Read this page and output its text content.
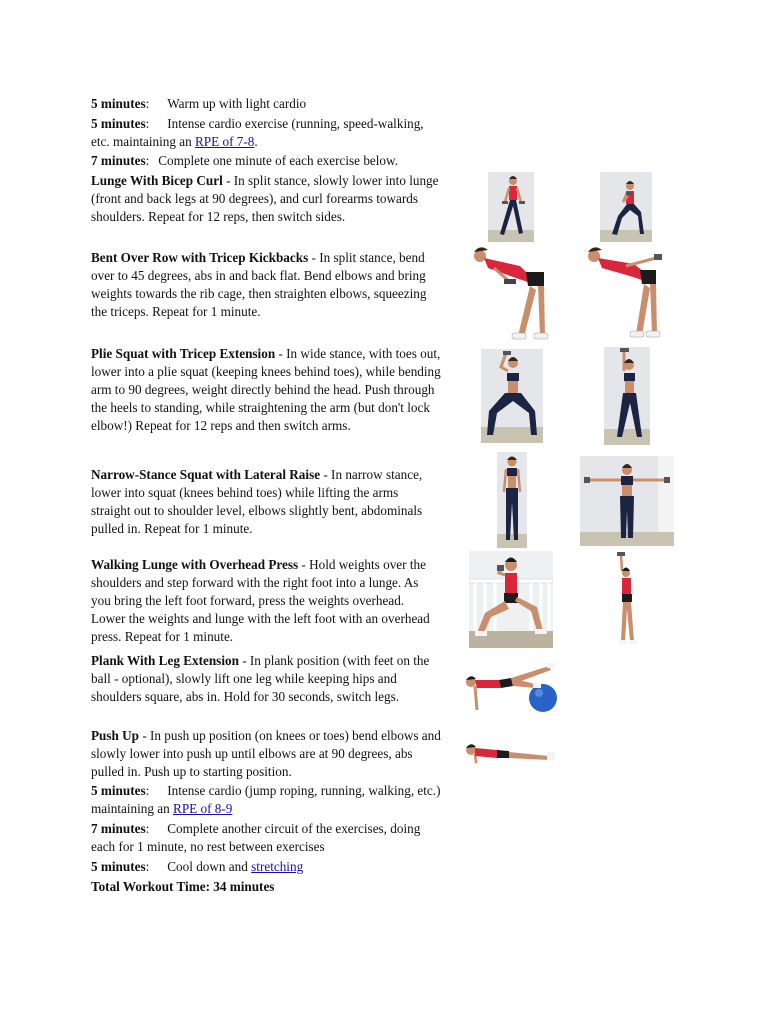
5 minutes: Warm up with light cardio

5 minutes: Intense cardio exercise (running, speed-walking, etc. maintaining an RPE of 7-8.

7 minutes: Complete one minute of each exercise below.

Lunge With Bicep Curl - In split stance, slowly lower into lunge (front and back legs at 90 degrees), and curl forearms towards shoulders. Repeat for 12 reps, then switch sides.

Bent Over Row with Tricep Kickbacks - In split stance, bend over to 45 degrees, abs in and back flat. Bend elbows and bring weights towards the rib cage, then straighten elbows, squeezing the triceps. Repeat for 1 minute.

Plie Squat with Tricep Extension - In wide stance, with toes out, lower into a plie squat (keeping knees behind toes), while bending arm to 90 degrees, weight directly behind the head. Push through the heels to standing, while straightening the arm (but don't lock elbow!) Repeat for 12 reps and then switch arms.

Narrow-Stance Squat with Lateral Raise - In narrow stance, lower into squat (knees behind toes) while lifting the arms straight out to shoulder level, elbows slightly bent, abdominals pulled in. Repeat for 1 minute.

Walking Lunge with Overhead Press - Hold weights over the shoulders and step forward with the right foot into a lunge. As you bring the left foot forward, press the weights overhead. Lower the weights and lunge with the left foot with an overhead press. Repeat for 1 minute.

Plank With Leg Extension - In plank position (with feet on the ball - optional), slowly lift one leg while keeping hips and shoulders square, abs in. Hold for 30 seconds, switch legs.

Push Up - In push up position (on knees or toes) bend elbows and slowly lower into push up until elbows are at 90 degrees, abs pulled in. Push up to starting position.

5 minutes: Intense cardio (jump roping, running, walking, etc.) maintaining an RPE of 8-9

7 minutes: Complete another circuit of the exercises, doing each for 1 minute, no rest between exercises

5 minutes: Cool down and stretching

Total Workout Time: 34 minutes
